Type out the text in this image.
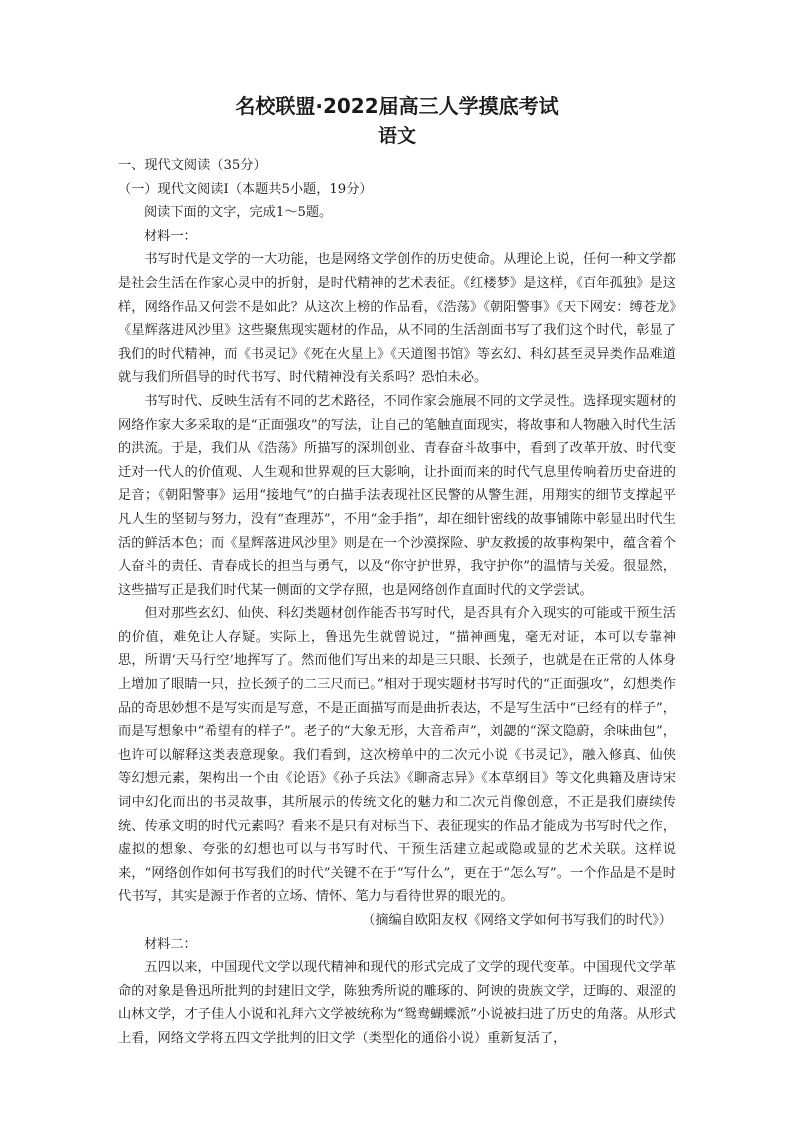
名校联盟·2022届高三人学摸底考试
语文

一、现代文阅读（35分）

（一）现代文阅读Ⅰ（本题共5小题，19分）

阅读下面的文字，完成1～5题。

材料一：

书写时代是文学的一大功能，也是网络文学创作的历史使命。从理论上说，任何一种文学都是社会生活在作家心灵中的折射，是时代精神的艺术表征。《红楼梦》是这样，《百年孤独》是这样，网络作品又何尝不是如此？从这次上榜的作品看，《浩荡》《朝阳警事》《天下网安：缚苍龙》《星辉落进风沙里》这些聚焦现实题材的作品，从不同的生活剖面书写了我们这个时代，彰显了我们的时代精神，而《书灵记》《死在火星上》《天道图书馆》等玄幻、科幻甚至灵异类作品难道就与我们所倡导的时代书写、时代精神没有关系吗？恐怕未必。

书写时代、反映生活有不同的艺术路径，不同作家会施展不同的文学灵性。选择现实题材的网络作家大多采取的是“正面强攻”的写法，让自己的笔触直面现实，将故事和人物融入时代生活的洪流。于是，我们从《浩荡》所描写的深圳创业、青春奋斗故事中，看到了改革开放、时代变迁对一代人的价值观、人生观和世界观的巨大影响，让扑面而来的时代气息里传响着历史奋进的足音；《朝阳警事》运用“接地气”的白描手法表现社区民警的从警生涯，用翔实的细节支撑起平凡人生的坚韧与努力，没有“查理苏”，不用“金手指”，却在细针密线的故事铺陈中彰显出时代生活的鲜活本色；而《星辉落进风沙里》则是在一个沙漠探险、驴友救援的故事构架中，蕴含着个人奋斗的责任、青春成长的担当与勇气，以及“你守护世界，我守护你”的温情与关爱。很显然，这些描写正是我们时代某一侧面的文学存照，也是网络创作直面时代的文学尝试。

但对那些玄幻、仙侠、科幻类题材创作能否书写时代，是否具有介入现实的可能或干预生活的价值，难免让人存疑。实际上，鲁迅先生就曾说过，“描神画鬼，毫无对证，本可以专靠神思，所谓‘天马行空’地挥写了。然而他们写出来的却是三只眼、长颈子，也就是在正常的人体身上增加了眼睛一只，拉长颈子的二三尺而已。”相对于现实题材书写时代的“正面强攻”，幻想类作品的奇思妙想不是写实而是写意，不是正面描写而是曲折表达，不是写生活中“已经有的样子”，而是写想象中“希望有的样子”。老子的“大象无形，大音希声”，刘勰的“深文隐蔚，余味曲包”，也许可以解释这类表意现象。我们看到，这次榜单中的二次元小说《书灵记》，融入修真、仙侠等幻想元素，架构出一个由《论语》《孙子兵法》《聊斋志异》《本草纲目》等文化典籍及唐诗宋词中幻化而出的书灵故事，其所展示的传统文化的魅力和二次元肖像创意，不正是我们赓续传统、传承文明的时代元素吗？看来不是只有对标当下、表征现实的作品才能成为书写时代之作，虚拟的想象、夸张的幻想也可以与书写时代、干预生活建立起或隐或显的艺术关联。这样说来，“网络创作如何书写我们的时代”关键不在于“写什么”，更在于“怎么写”。一个作品是不是时代书写，其实是源于作者的立场、情怀、笔力与看待世界的眼光的。

（摘编自欧阳友权《网络文学如何书写我们的时代》）

材料二：

五四以来，中国现代文学以现代精神和现代的形式完成了文学的现代变革。中国现代文学革命的对象是鲁迅所批判的封建旧文学，陈独秀所说的雕琢的、阿谀的贵族文学，迂晦的、艰涩的山林文学，才子佳人小说和礼拜六文学被统称为“鸳鸯蝴蝶派”小说被扫进了历史的角落。从形式上看，网络文学将五四文学批判的旧文学（类型化的通俗小说）重新复活了，
